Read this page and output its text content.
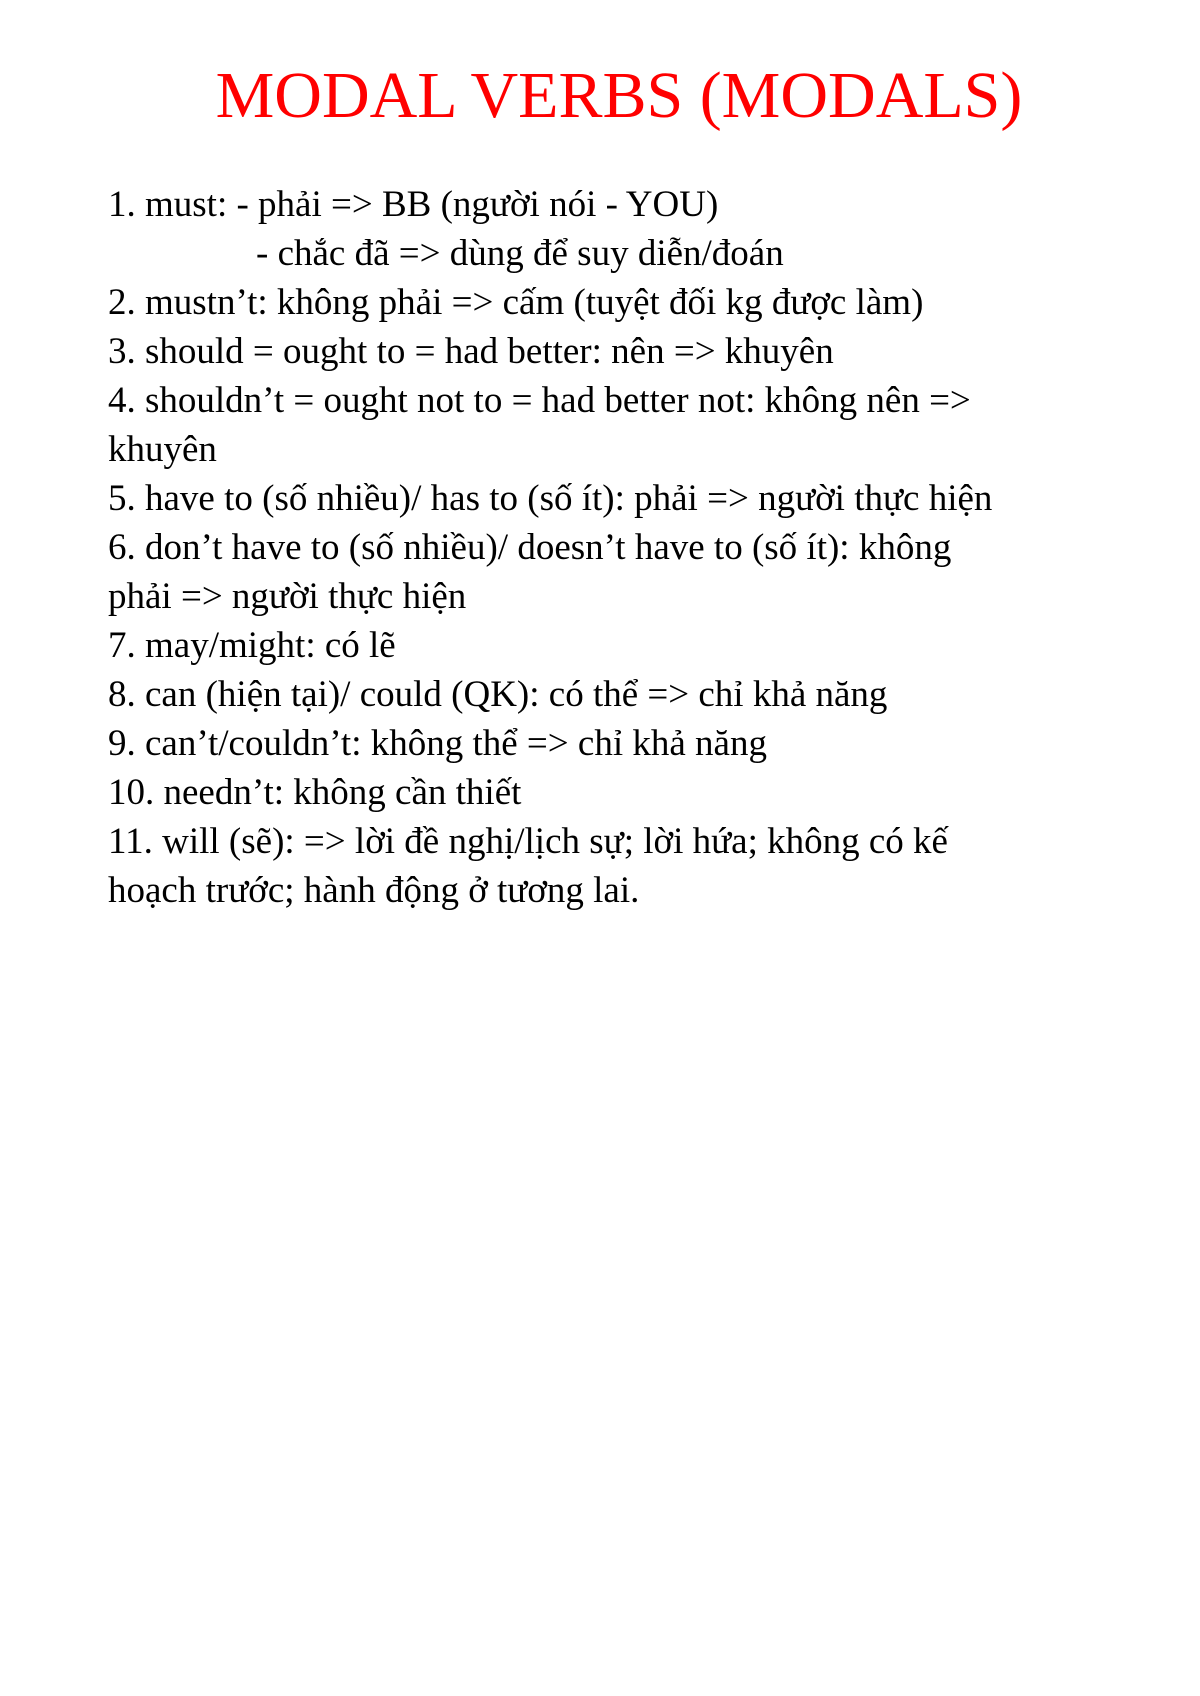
MODAL VERBS (MODALS)

1. must: - phải => BB (người nói - YOU)

- chắc đã => dùng để suy diễn/đoán

2. mustn’t: không phải => cấm (tuyệt đối kg được làm)

3. should = ought to = had better: nên => khuyên

4. shouldn’t = ought not to = had better not: không nên =>

khuyên

5. have to (số nhiều)/ has to (số ít): phải => người thực hiện

6. don’t have to (số nhiều)/ doesn’t have to (số ít): không

phải => người thực hiện

7. may/might: có lẽ

8. can (hiện tại)/ could (QK): có thể => chỉ khả năng

9. can’t/couldn’t: không thể => chỉ khả năng

10. needn’t: không cần thiết

11. will (sẽ): => lời đề nghị/lịch sự; lời hứa; không có kế

hoạch trước; hành động ở tương lai.
